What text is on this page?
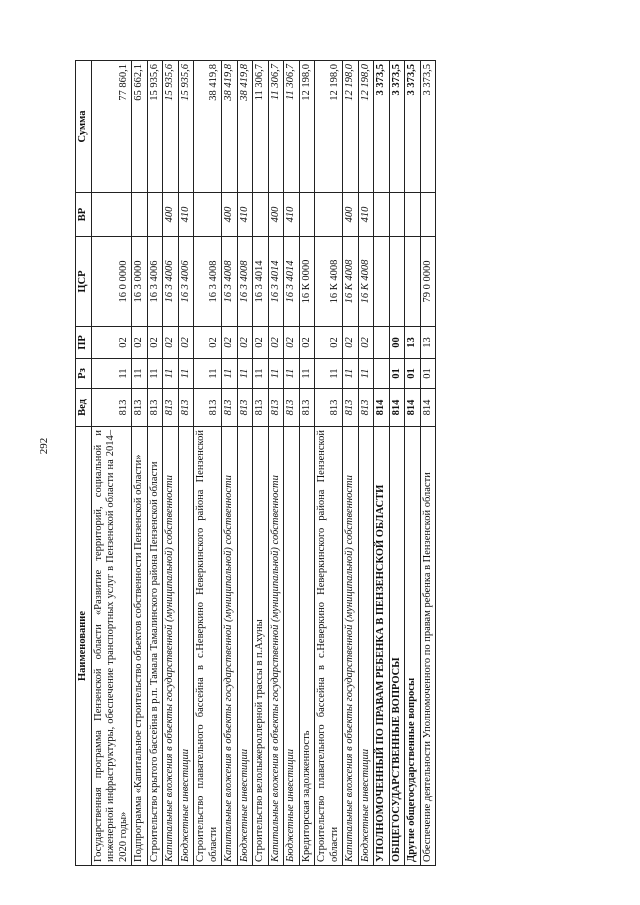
292
Наименование	Вед	Рз	ПР	ЦСР	ВР	Сумма
Государственная программа Пензенской области «Развитие территорий, социальной и инженерной инфраструктуры, обеспечение транспортных услуг в Пензенской области на 2014–2020 годы»	813	11	02	16 0 0000		77 860,1
Подпрограмма «Капитальное строительство объектов собственности Пензенской области»	813	11	02	16 3 0000		65 662,1
Строительство крытого бассейна в р.п. Тамала Тамалинского района Пензенской области	813	11	02	16 3 4006		15 935,6
Капитальные вложения в объекты государственной (муниципальной) собственности	813	11	02	16 3 4006	400	15 935,6
Бюджетные инвестиции	813	11	02	16 3 4006	410	15 935,6
Строительство плавательного бассейна в с.Неверкино Неверкинского района Пензенской области	813	11	02	16 3 4008		38 419,8
Капитальные вложения в объекты государственной (муниципальной) собственности	813	11	02	16 3 4008	400	38 419,8
Бюджетные инвестиции	813	11	02	16 3 4008	410	38 419,8
Строительство велолыжероллерной трассы в п.Ахуны	813	11	02	16 3 4014		11 306,7
Капитальные вложения в объекты государственной (муниципальной) собственности	813	11	02	16 3 4014	400	11 306,7
Бюджетные инвестиции	813	11	02	16 3 4014	410	11 306,7
Кредиторская задолженность	813	11	02	16 К 0000		12 198,0
Строительство плавательного бассейна в с.Неверкино Неверкинского района Пензенской области	813	11	02	16 К 4008		12 198,0
Капитальные вложения в объекты государственной (муниципальной) собственности	813	11	02	16 К 4008	400	12 198,0
Бюджетные инвестиции	813	11	02	16 К 4008	410	12 198,0
УПОЛНОМОЧЕННЫЙ ПО ПРАВАМ РЕБЕНКА В ПЕНЗЕНСКОЙ ОБЛАСТИ	814					3 373,5
ОБЩЕГОСУДАРСТВЕННЫЕ ВОПРОСЫ	814	01	00			3 373,5
Другие общегосударственные вопросы	814	01	13			3 373,5
Обеспечение деятельности Уполномоченного по правам ребенка в Пензенской области	814	01	13	79 0 0000		3 373,5
